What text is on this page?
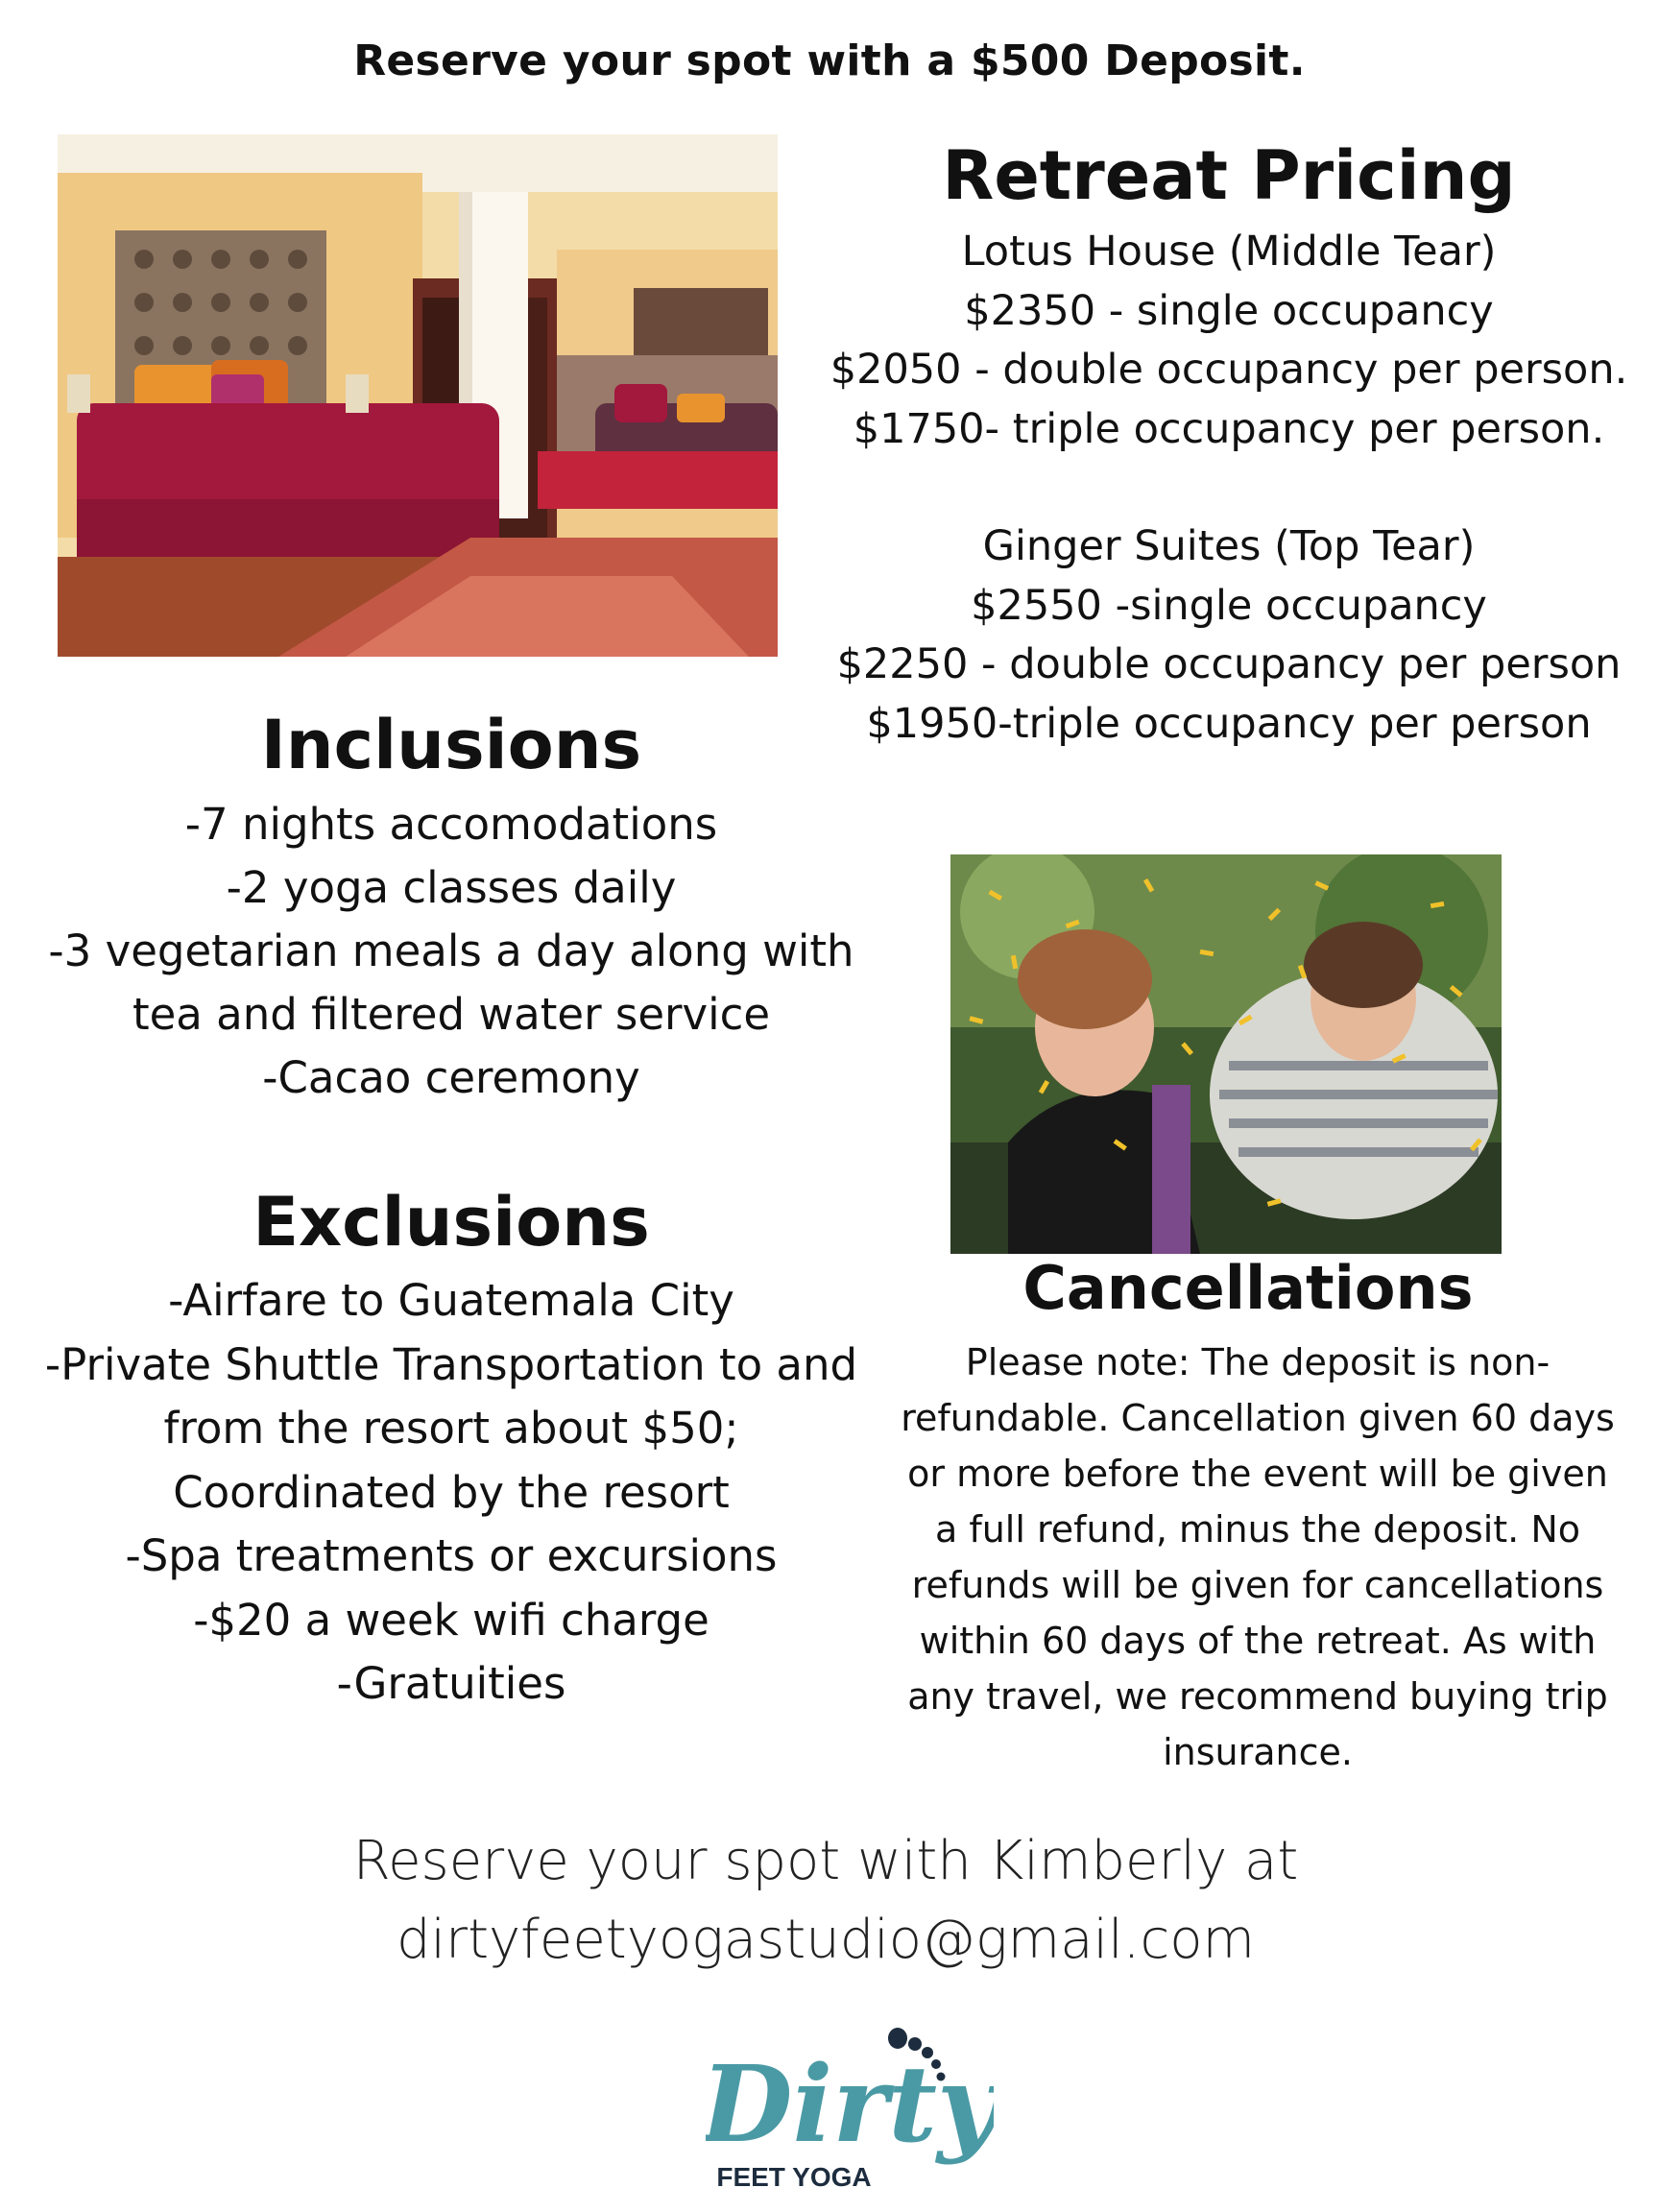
Reserve your spot with a $500 Deposit.
Retreat Pricing
Lotus House (Middle Tear)
$2350 - single occupancy
$2050 - double occupancy per person.
$1750- triple occupancy per person.
Ginger Suites (Top Tear)
$2550 -single occupancy
$2250 - double occupancy per person
$1950-triple occupancy per person
Inclusions
-7 nights accomodations
-2 yoga classes daily
-3 vegetarian meals a day along with
tea and filtered water service
-Cacao ceremony
Exclusions
-Airfare to Guatemala City
-Private Shuttle Transportation to and
from the resort about $50;
Coordinated by the resort
-Spa treatments or excursions
-$20 a week wifi charge
-Gratuities
Cancellations
Please note: The deposit is non-
refundable. Cancellation given 60 days
or more before the event will be given
a full refund, minus the deposit. No
refunds will be given for cancellations
within 60 days of the retreat. As with
any travel, we recommend buying trip
insurance.
Reserve your spot with Kimberly at
dirtyfeetyogastudio@gmail.com
Dirty
FEET YOGA
